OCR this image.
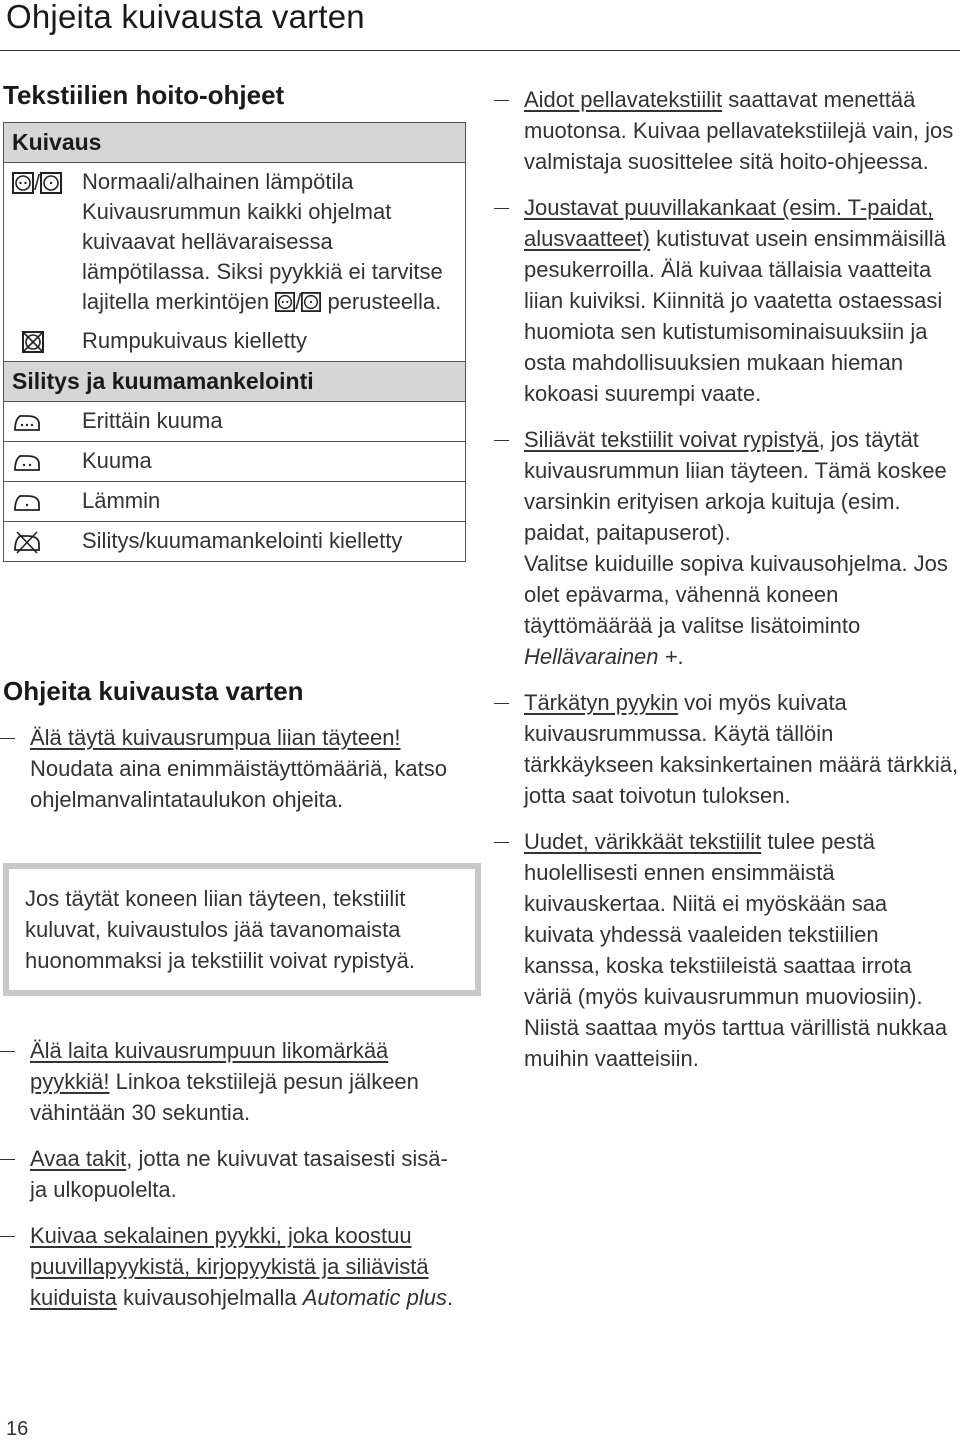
Ohjeita kuivausta varten
Tekstiilien hoito-ohjeet
Kuivaus
/	Normaali/alhainen lämpötila

Kuivausrummun kaikki ohjelmat kuivaavat hellävaraisessa lämpötilassa. Siksi pyykkiä ei tarvitse lajitella merkintöjen / perusteella.

Rumpukuivaus kielletty
Silitys ja kuumamankelointi
Erittäin kuuma
Kuuma
Lämmin
Silitys/kuumamankelointi kielletty
Ohjeita kuivausta varten
Älä täytä kuivausrumpua liian täyteen! Noudata aina enimmäistäyttömääriä, katso ohjelmanvalintataulukon ohjeita.
Jos täytät koneen liian täyteen, tekstiilit kuluvat, kuivaustulos jää tavanomaista huonommaksi ja tekstiilit voivat rypistyä.
Älä laita kuivausrumpuun likomärkää pyykkiä! Linkoa tekstiilejä pesun jälkeen vähintään 30 sekuntia.
Avaa takit, jotta ne kuivuvat tasaisesti sisä- ja ulkopuolelta.
Kuivaa sekalainen pyykki, joka koostuu puuvillapyykistä, kirjopyykistä ja siliävistä kuiduista kuivausohjelmalla Automatic plus.
Aidot pellavatekstiilit saattavat menettää muotonsa. Kuivaa pellavatekstiilejä vain, jos valmistaja suosittelee sitä hoito-ohjeessa.
Joustavat puuvillakankaat (esim. T-paidat, alusvaatteet) kutistuvat usein ensimmäisillä pesukerroilla. Älä kuivaa tällaisia vaatteita liian kuiviksi. Kiinnitä jo vaatetta ostaessasi huomiota sen kutistumisominaisuuksiin ja osta mahdollisuuksien mukaan hieman kokoasi suurempi vaate.
Siliävät tekstiilit voivat rypistyä, jos täytät kuivausrummun liian täyteen. Tämä koskee varsinkin erityisen arkoja kuituja (esim. paidat, paitapuserot).
Valitse kuiduille sopiva kuivausohjelma. Jos olet epävarma, vähennä koneen täyttömäärää ja valitse lisätoiminto Hellävarainen +.
Tärkätyn pyykin voi myös kuivata kuivausrummussa. Käytä tällöin tärkkäykseen kaksinkertainen määrä tärkkiä, jotta saat toivotun tuloksen.
Uudet, värikkäät tekstiilit tulee pestä huolellisesti ennen ensimmäistä kuivauskertaa. Niitä ei myöskään saa kuivata yhdessä vaaleiden tekstiilien kanssa, koska tekstiileistä saattaa irrota väriä (myös kuivausrummun muoviosiin). Niistä saattaa myös tarttua värillistä nukkaa muihin vaatteisiin.
16
